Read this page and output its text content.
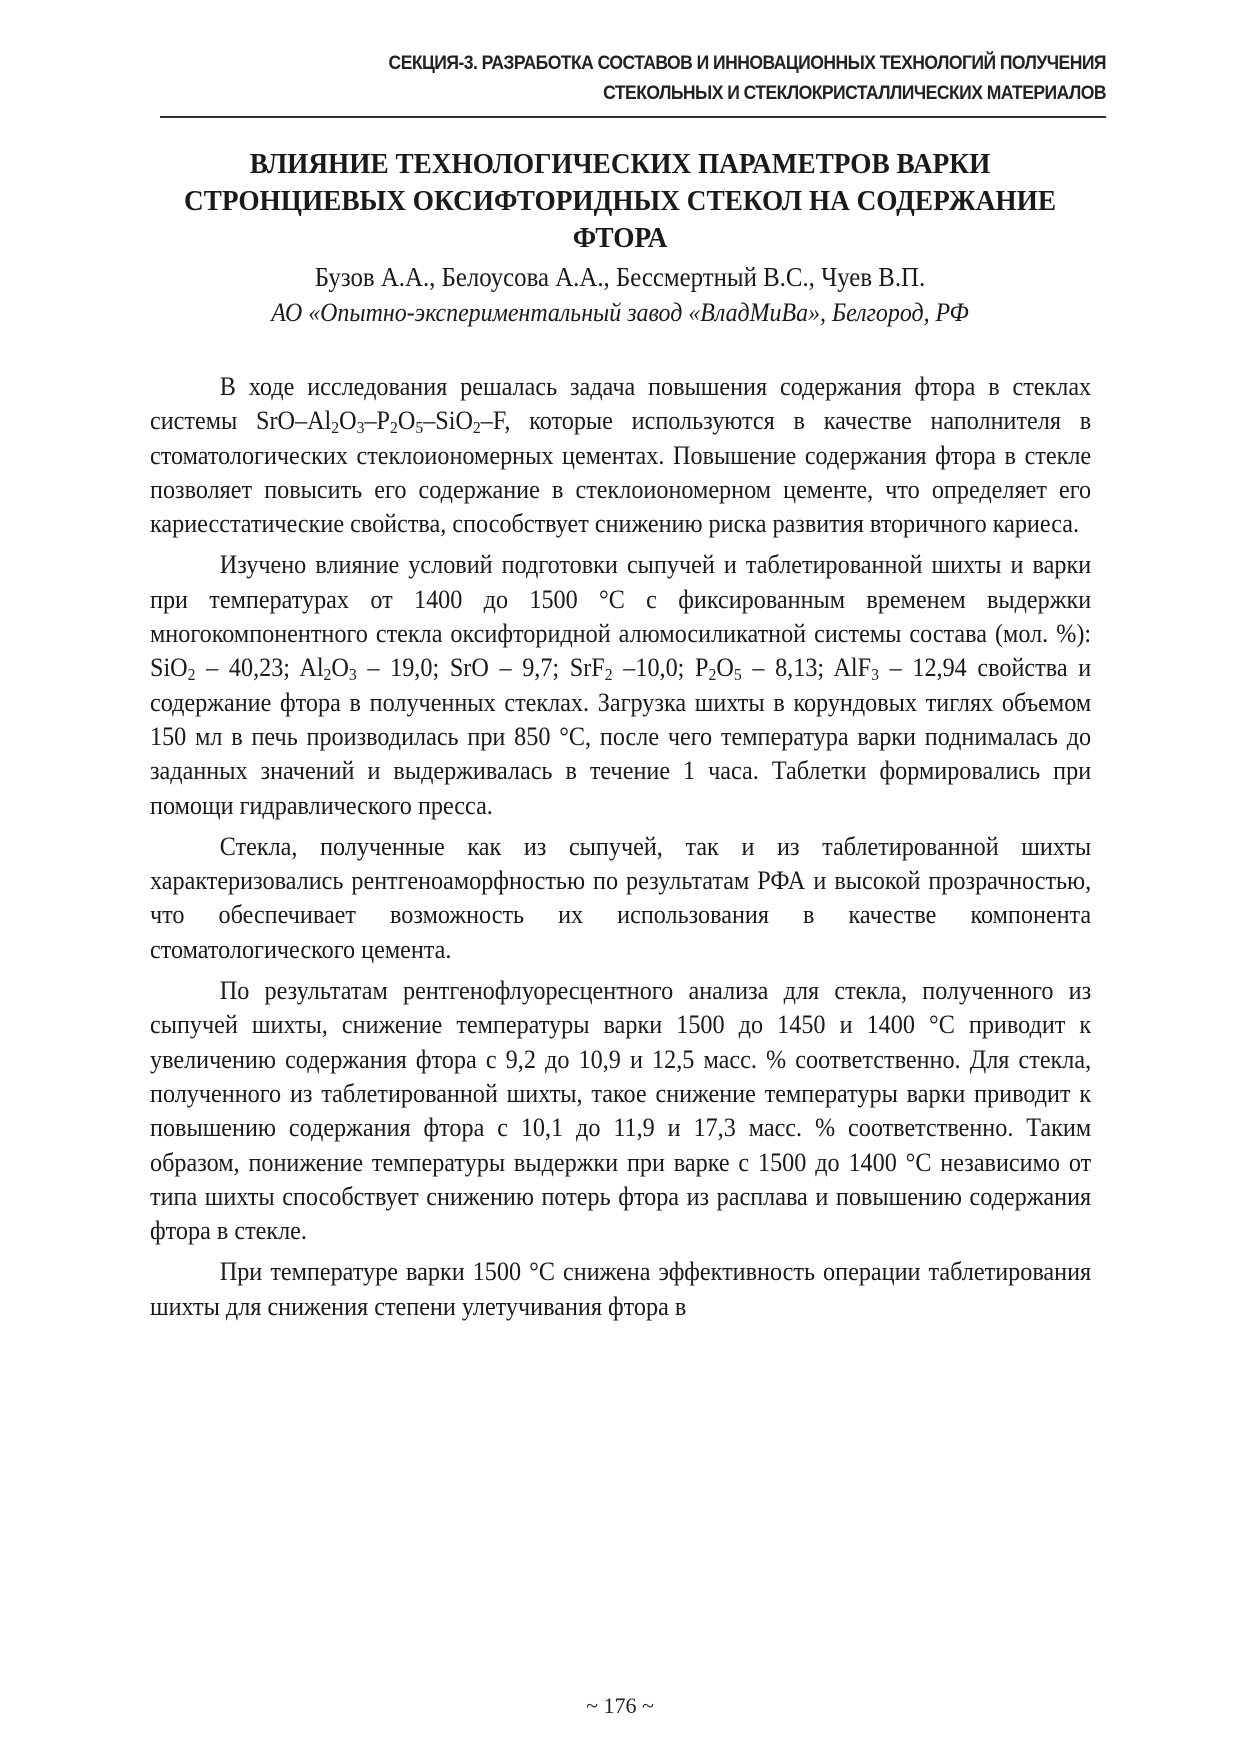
СЕКЦИЯ-3. РАЗРАБОТКА СОСТАВОВ И ИННОВАЦИОННЫХ ТЕХНОЛОГИЙ ПОЛУЧЕНИЯ
СТЕКОЛЬНЫХ И СТЕКЛОКРИСТАЛЛИЧЕСКИХ МАТЕРИАЛОВ
ВЛИЯНИЕ ТЕХНОЛОГИЧЕСКИХ ПАРАМЕТРОВ ВАРКИ
СТРОНЦИЕВЫХ ОКСИФТОРИДНЫХ СТЕКОЛ НА СОДЕРЖАНИЕ
ФТОРА
Бузов А.А., Белоусова А.А., Бессмертный В.С., Чуев В.П.
АО «Опытно-экспериментальный завод «ВладМиВа», Белгород, РФ

В ходе исследования решалась задача повышения содержания фтора в стеклах системы SrO–$Al_2O_3-P_2O_5-SiO_2-F$, которые используются в качестве наполнителя в стоматологических стеклоиономерных цементах. Повышение содержания фтора в стекле позволяет повысить его содержание в стеклоиономерном цементе, что определяет его кариесстатические свойства, способствует снижению риска развития вторичного кариеса.

Изучено влияние условий подготовки сыпучей и таблетированной шихты и варки при температурах от 1400 до 1500 °С с фиксированным временем выдержки многокомпонентного стекла оксифторидной алюмосиликатной системы состава (мол. %): SiO$_2$ – 40,23; $Al_2O_3 - 19,0$; SrO – 9,7; SrF$_2$ –10,0; $P_2O_5 - 8,13$; AlF$_3$ – 12,94 свойства и содержание фтора в полученных стеклах. Загрузка шихты в корундовых тиглях объемом 150 мл в печь производилась при 850 °С, после чего температура варки поднималась до заданных значений и выдерживалась в течение 1 часа. Таблетки формировались при помощи гидравлического пресса.

Стекла, полученные как из сыпучей, так и из таблетированной шихты характеризовались рентгеноаморфностью по результатам РФА и высокой прозрачностью, что обеспечивает возможность их использования в качестве компонента стоматологического цемента.

По результатам рентгенофлуоресцентного анализа для стекла, полученного из сыпучей шихты, снижение температуры варки 1500 до 1450 и 1400 °С приводит к увеличению содержания фтора с 9,2 до 10,9 и 12,5 масс. % соответственно. Для стекла, полученного из таблетированной шихты, такое снижение температуры варки приводит к повышению содержания фтора с 10,1 до 11,9 и 17,3 масс. % соответственно. Таким образом, понижение температуры выдержки при варке с 1500 до 1400 °С независимо от типа шихты способствует снижению потерь фтора из расплава и повышению содержания фтора в стекле.

При температуре варки 1500 °С снижена эффективность операции таблетирования шихты для снижения степени улетучивания фтора в

~ 176 ~
